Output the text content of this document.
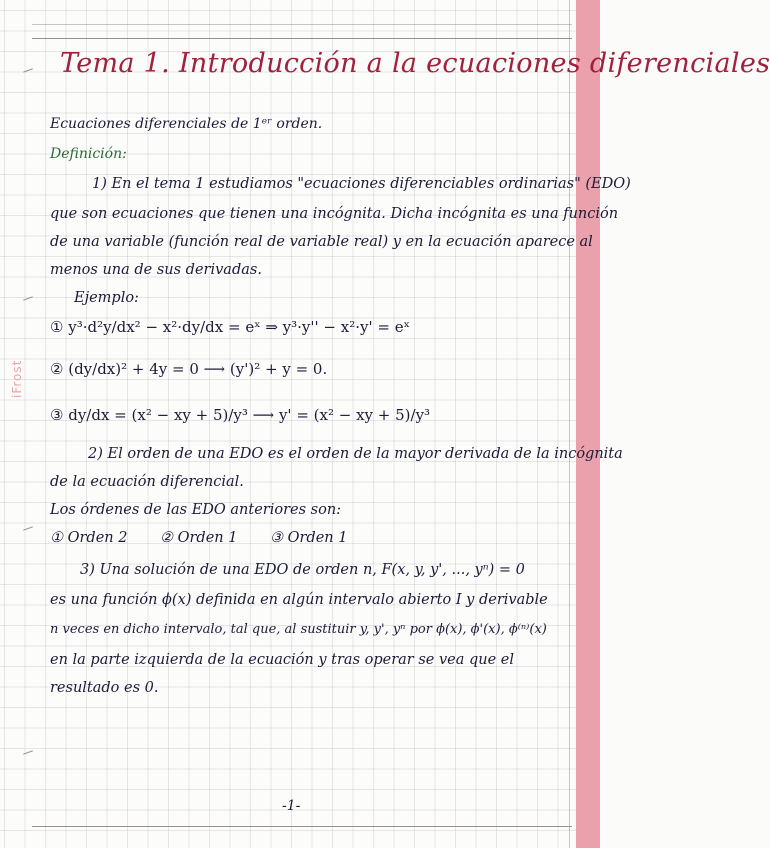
iFrost
Tema 1. Introducción a la ecuaciones diferenciales
Ecuaciones diferenciales de 1ᵉʳ orden.
Definición:
1) En el tema 1 estudiamos "ecuaciones diferenciables ordinarias" (EDO)
que son ecuaciones que tienen una incógnita. Dicha incógnita es una función
de una variable (función real de variable real) y en la ecuación aparece al
menos una de sus derivadas.
Ejemplo:
① y³·d²y/dx² − x²·dy/dx = eˣ ⇒ y³·y'' − x²·y' = eˣ
② (dy/dx)² + 4y = 0 ⟶ (y')² + y = 0.
③ dy/dx = (x² − xy + 5)/y³ ⟶ y' = (x² − xy + 5)/y³
2) El orden de una EDO es el orden de la mayor derivada de la incógnita
de la ecuación diferencial.
Los órdenes de las EDO anteriores son:
① Orden 2 ② Orden 1 ③ Orden 1
3) Una solución de una EDO de orden n, F(x, y, y', ..., yⁿ) = 0
es una función ϕ(x) definida en algún intervalo abierto I y derivable
n veces en dicho intervalo, tal que, al sustituir y, y', yⁿ por ϕ(x), ϕ'(x), ϕ⁽ⁿ⁾(x)
en la parte izquierda de la ecuación y tras operar se vea que el
resultado es 0.
-1-
